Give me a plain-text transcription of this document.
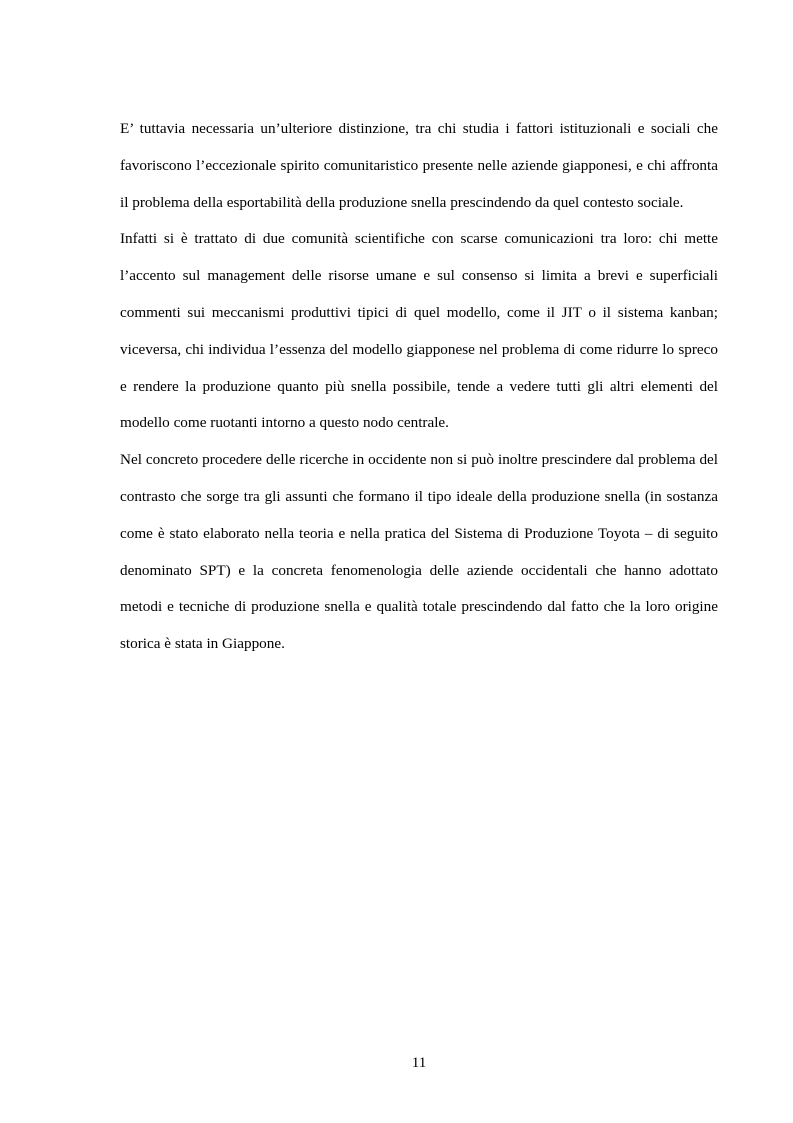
E’ tuttavia necessaria un’ulteriore distinzione, tra chi studia i fattori istituzionali e sociali che favoriscono l’eccezionale spirito comunitaristico presente nelle aziende giapponesi, e chi affronta il problema della esportabilità della produzione snella prescindendo da quel contesto sociale.

Infatti si è trattato di due comunità scientifiche con scarse comunicazioni tra loro: chi mette l’accento sul management delle risorse umane e sul consenso si limita a brevi e superficiali commenti sui meccanismi produttivi tipici di quel modello, come il JIT o il sistema kanban; viceversa, chi individua l’essenza del modello giapponese nel problema di come ridurre lo spreco e rendere la produzione quanto più snella possibile, tende a vedere tutti gli altri elementi del modello come ruotanti intorno a questo nodo centrale.

Nel concreto procedere delle ricerche in occidente non si può inoltre prescindere dal problema del contrasto che sorge tra gli assunti che formano il tipo ideale della produzione snella (in sostanza come è stato elaborato nella teoria e nella pratica del Sistema di Produzione Toyota – di seguito denominato SPT) e la concreta fenomenologia delle aziende occidentali che hanno adottato metodi e tecniche di produzione snella e qualità totale prescindendo dal fatto che la loro origine storica è stata in Giappone.

11
